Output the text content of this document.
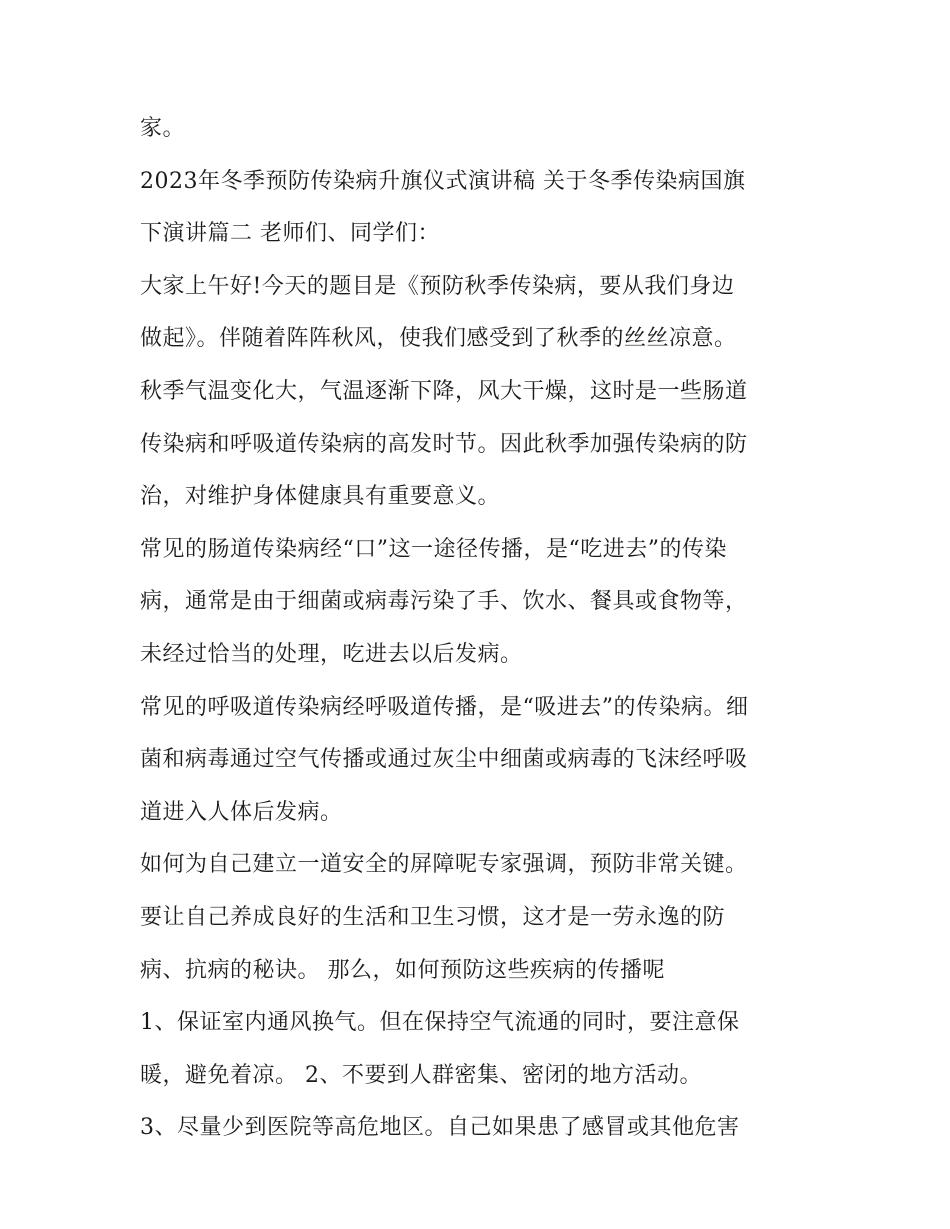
家。
2023年冬季预防传染病升旗仪式演讲稿 关于冬季传染病国旗
下演讲篇二 老师们、同学们：
大家上午好!今天的题目是《预防秋季传染病，要从我们身边
做起》。伴随着阵阵秋风，使我们感受到了秋季的丝丝凉意。
秋季气温变化大，气温逐渐下降，风大干燥，这时是一些肠道
传染病和呼吸道传染病的高发时节。因此秋季加强传染病的防
治，对维护身体健康具有重要意义。
常见的肠道传染病经“口”这一途径传播，是“吃进去”的传染
病，通常是由于细菌或病毒污染了手、饮水、餐具或食物等，
未经过恰当的处理，吃进去以后发病。
常见的呼吸道传染病经呼吸道传播，是“吸进去”的传染病。细
菌和病毒通过空气传播或通过灰尘中细菌或病毒的飞沫经呼吸
道进入人体后发病。
如何为自己建立一道安全的屏障呢专家强调，预防非常关键。
要让自己养成良好的生活和卫生习惯，这才是一劳永逸的防
病、抗病的秘诀。 那么，如何预防这些疾病的传播呢
1、保证室内通风换气。但在保持空气流通的同时，要注意保
暖，避免着凉。 2、不要到人群密集、密闭的地方活动。
3、尽量少到医院等高危地区。自己如果患了感冒或其他危害
